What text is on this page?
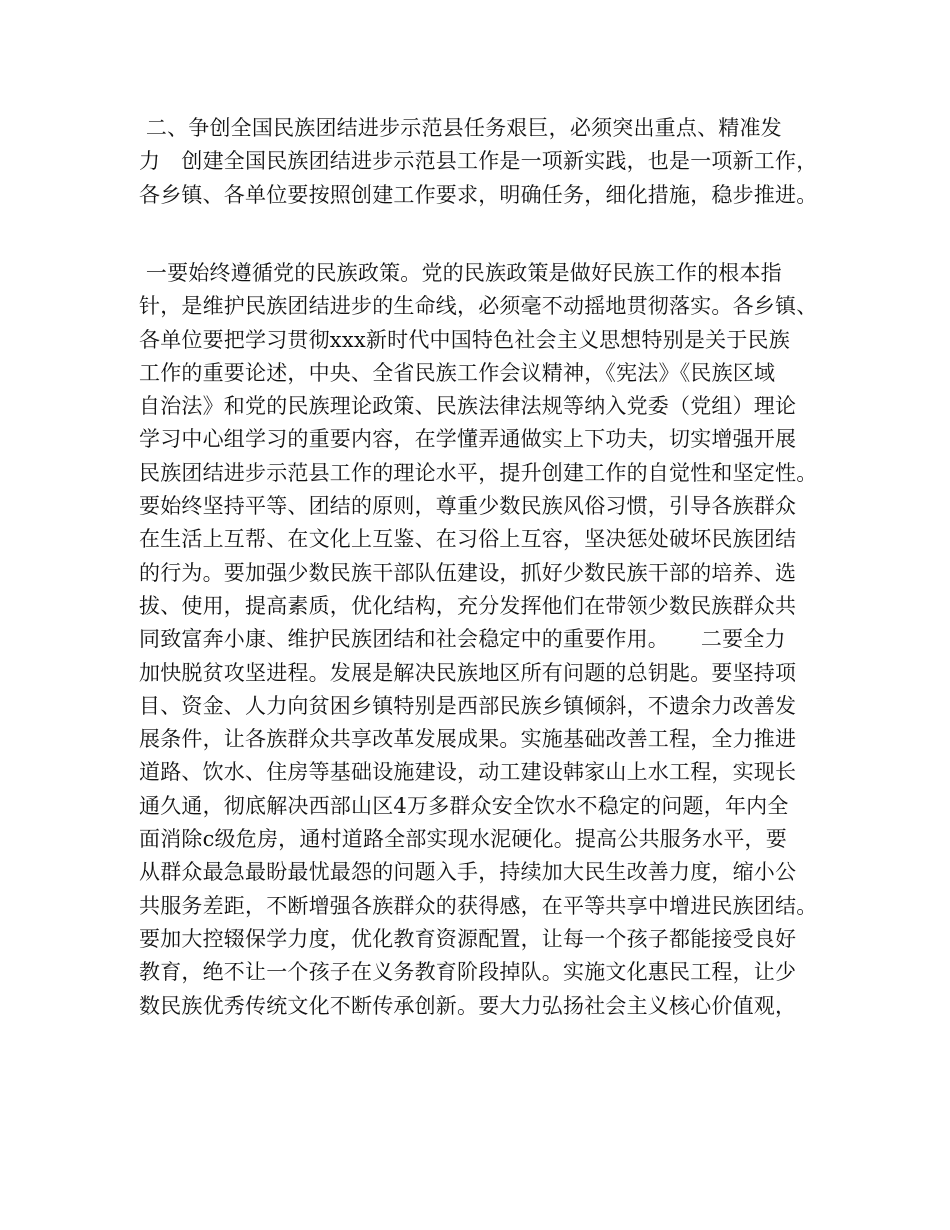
二、争创全国民族团结进步示范县任务艰巨，必须突出重点、精准发
力　创建全国民族团结进步示范县工作是一项新实践，也是一项新工作，
各乡镇、各单位要按照创建工作要求，明确任务，细化措施，稳步推进。
一要始终遵循党的民族政策。党的民族政策是做好民族工作的根本指
针，是维护民族团结进步的生命线，必须毫不动摇地贯彻落实。各乡镇、
各单位要把学习贯彻xxx新时代中国特色社会主义思想特别是关于民族
工作的重要论述，中央、全省民族工作会议精神，《宪法》《民族区域
自治法》和党的民族理论政策、民族法律法规等纳入党委（党组）理论
学习中心组学习的重要内容，在学懂弄通做实上下功夫，切实增强开展
民族团结进步示范县工作的理论水平，提升创建工作的自觉性和坚定性。
要始终坚持平等、团结的原则，尊重少数民族风俗习惯，引导各族群众
在生活上互帮、在文化上互鉴、在习俗上互容，坚决惩处破坏民族团结
的行为。要加强少数民族干部队伍建设，抓好少数民族干部的培养、选
拔、使用，提高素质，优化结构，充分发挥他们在带领少数民族群众共
同致富奔小康、维护民族团结和社会稳定中的重要作用。　　二要全力
加快脱贫攻坚进程。发展是解决民族地区所有问题的总钥匙。要坚持项
目、资金、人力向贫困乡镇特别是西部民族乡镇倾斜，不遗余力改善发
展条件，让各族群众共享改革发展成果。实施基础改善工程，全力推进
道路、饮水、住房等基础设施建设，动工建设韩家山上水工程，实现长
通久通，彻底解决西部山区4万多群众安全饮水不稳定的问题，年内全
面消除c级危房，通村道路全部实现水泥硬化。提高公共服务水平，要
从群众最急最盼最忧最怨的问题入手，持续加大民生改善力度，缩小公
共服务差距，不断增强各族群众的获得感，在平等共享中增进民族团结。
要加大控辍保学力度，优化教育资源配置，让每一个孩子都能接受良好
教育，绝不让一个孩子在义务教育阶段掉队。实施文化惠民工程，让少
数民族优秀传统文化不断传承创新。要大力弘扬社会主义核心价值观，
